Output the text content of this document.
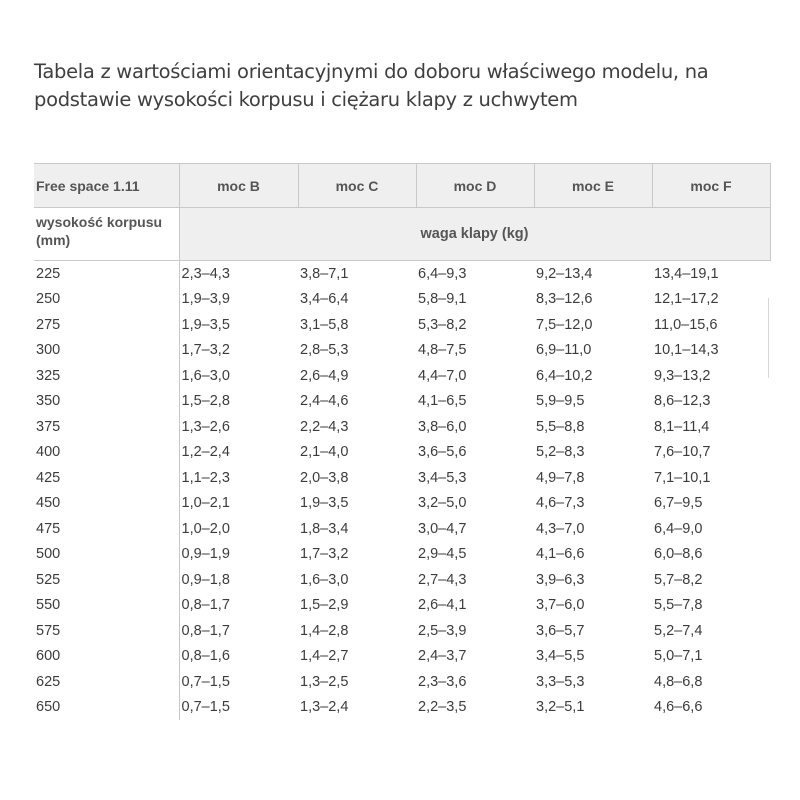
Tabela z wartościami orientacyjnymi do doboru właściwego modelu, na podstawie wysokości korpusu i ciężaru klapy z uchwytem
Free space 1.11	moc B	moc C	moc D	moc E	moc F
wysokość korpusu (mm)	waga klapy (kg)				
225	2,3–4,3	3,8–7,1	6,4–9,3	9,2–13,4	13,4–19,1
250	1,9–3,9	3,4–6,4	5,8–9,1	8,3–12,6	12,1–17,2
275	1,9–3,5	3,1–5,8	5,3–8,2	7,5–12,0	11,0–15,6
300	1,7–3,2	2,8–5,3	4,8–7,5	6,9–11,0	10,1–14,3
325	1,6–3,0	2,6–4,9	4,4–7,0	6,4–10,2	9,3–13,2
350	1,5–2,8	2,4–4,6	4,1–6,5	5,9–9,5	8,6–12,3
375	1,3–2,6	2,2–4,3	3,8–6,0	5,5–8,8	8,1–11,4
400	1,2–2,4	2,1–4,0	3,6–5,6	5,2–8,3	7,6–10,7
425	1,1–2,3	2,0–3,8	3,4–5,3	4,9–7,8	7,1–10,1
450	1,0–2,1	1,9–3,5	3,2–5,0	4,6–7,3	6,7–9,5
475	1,0–2,0	1,8–3,4	3,0–4,7	4,3–7,0	6,4–9,0
500	0,9–1,9	1,7–3,2	2,9–4,5	4,1–6,6	6,0–8,6
525	0,9–1,8	1,6–3,0	2,7–4,3	3,9–6,3	5,7–8,2
550	0,8–1,7	1,5–2,9	2,6–4,1	3,7–6,0	5,5–7,8
575	0,8–1,7	1,4–2,8	2,5–3,9	3,6–5,7	5,2–7,4
600	0,8–1,6	1,4–2,7	2,4–3,7	3,4–5,5	5,0–7,1
625	0,7–1,5	1,3–2,5	2,3–3,6	3,3–5,3	4,8–6,8
650	0,7–1,5	1,3–2,4	2,2–3,5	3,2–5,1	4,6–6,6
